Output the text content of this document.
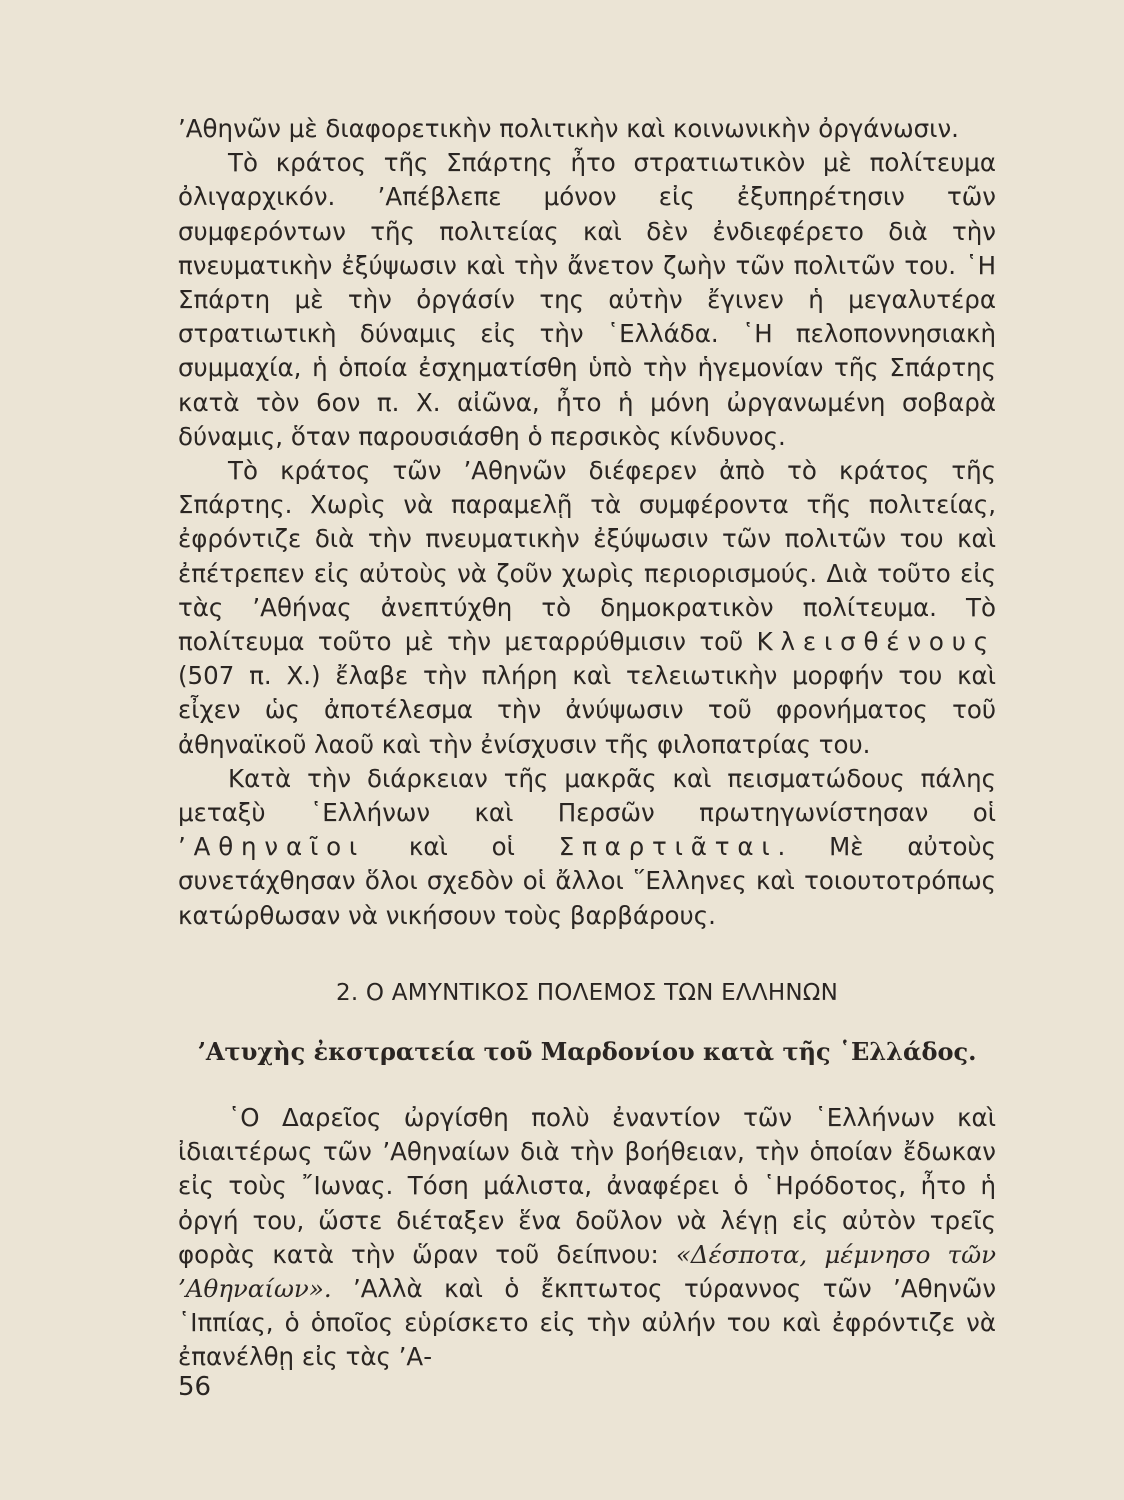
’Αθηνῶν μὲ διαφορετικὴν πολιτικὴν καὶ κοινωνικὴν ὀργάνωσιν.

Τὸ κράτος τῆς Σπάρτης ἦτο στρατιωτικὸν μὲ πολίτευμα ὀλιγαρχικόν. ’Απέβλεπε μόνον εἰς ἐξυπηρέτησιν τῶν συμφερόντων τῆς πολιτείας καὶ δὲν ἐνδιεφέρετο διὰ τὴν πνευματικὴν ἐξύψωσιν καὶ τὴν ἄνετον ζωὴν τῶν πολιτῶν του. ῾Η Σπάρτη μὲ τὴν ὀργάσίν της αὐτὴν ἔγινεν ἡ μεγαλυτέρα στρατιωτικὴ δύναμις εἰς τὴν ῾Ελλάδα. ῾Η πελοποννησιακὴ συμμαχία, ἡ ὁποία ἐσχηματίσθη ὑπὸ τὴν ἡγεμονίαν τῆς Σπάρτης κατὰ τὸν 6ον π. Χ. αἰῶνα, ἦτο ἡ μόνη ὠργανωμένη σοβαρὰ δύναμις, ὅταν παρουσιάσθη ὁ περσικὸς κίνδυνος.

Τὸ κράτος τῶν ’Αθηνῶν διέφερεν ἀπὸ τὸ κράτος τῆς Σπάρτης. Χωρὶς νὰ παραμελῇ τὰ συμφέροντα τῆς πολιτείας, ἐφρόντιζε διὰ τὴν πνευματικὴν ἐξύψωσιν τῶν πολιτῶν του καὶ ἐπέτρεπεν εἰς αὐτοὺς νὰ ζοῦν χωρὶς περιορισμούς. Διὰ τοῦτο εἰς τὰς ’Αθήνας ἀνεπτύχθη τὸ δημοκρατικὸν πολίτευμα. Τὸ πολίτευμα τοῦτο μὲ τὴν μεταρρύθμισιν τοῦ Κλεισθένους (507 π. Χ.) ἔλαβε τὴν πλήρη καὶ τελειωτικὴν μορφήν του καὶ εἶχεν ὡς ἀποτέλεσμα τὴν ἀνύψωσιν τοῦ φρονήματος τοῦ ἀθηναϊκοῦ λαοῦ καὶ τὴν ἐνίσχυσιν τῆς φιλοπατρίας του.

Κατὰ τὴν διάρκειαν τῆς μακρᾶς καὶ πεισματώδους πάλης μεταξὺ ῾Ελλήνων καὶ Περσῶν πρωτηγωνίστησαν οἱ ’Αθηναῖοι καὶ οἱ Σπαρτιᾶται. Μὲ αὐτοὺς συνετάχθησαν ὅλοι σχεδὸν οἱ ἄλλοι ῞Ελληνες καὶ τοιουτοτρόπως κατώρθωσαν νὰ νικήσουν τοὺς βαρβάρους.

2. Ο ΑΜΥΝΤΙΚΟΣ ΠΟΛΕΜΟΣ ΤΩΝ ΕΛΛΗΝΩΝ
’Ατυχὴς ἐκστρατεία τοῦ Μαρδονίου κατὰ τῆς ῾Ελλάδος.

῾Ο Δαρεῖος ὠργίσθη πολὺ ἐναντίον τῶν ῾Ελλήνων καὶ ἰδιαιτέρως τῶν ’Αθηναίων διὰ τὴν βοήθειαν, τὴν ὁποίαν ἔδωκαν εἰς τοὺς ῎Ιωνας. Τόση μάλιστα, ἀναφέρει ὁ ῾Ηρόδοτος, ἦτο ἡ ὀργή του, ὥστε διέταξεν ἕνα δοῦλον νὰ λέγῃ εἰς αὐτὸν τρεῖς φορὰς κατὰ τὴν ὥραν τοῦ δείπνου: «Δέσποτα, μέμνησο τῶν ’Αθηναίων». ’Αλλὰ καὶ ὁ ἔκπτωτος τύραννος τῶν ’Αθηνῶν ῾Ιππίας, ὁ ὁποῖος εὑρίσκετο εἰς τὴν αὐλήν του καὶ ἐφρόντιζε νὰ ἐπανέλθῃ εἰς τὰς ’Α-

56
